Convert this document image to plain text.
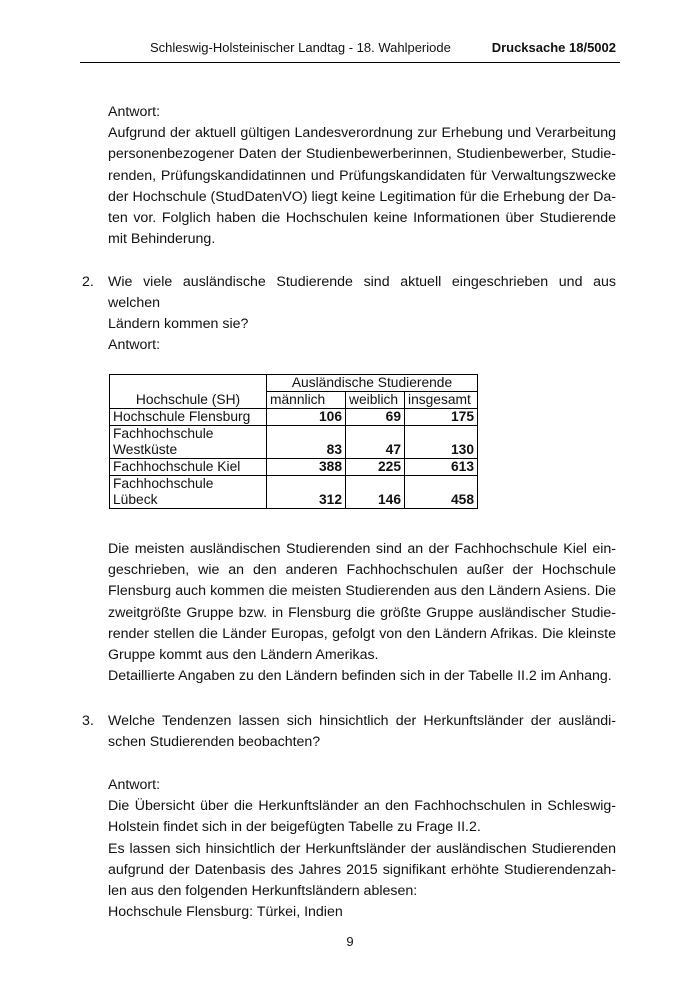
Schleswig-Holsteinischer Landtag - 18. Wahlperiode	Drucksache 18/5002
Antwort:
Aufgrund der aktuell gültigen Landesverordnung zur Erhebung und Verarbeitung
personenbezogener Daten der Studienbewerberinnen, Studienbewerber, Studie-
renden, Prüfungskandidatinnen und Prüfungskandidaten für Verwaltungszwecke
der Hochschule (StudDatenVO) liegt keine Legitimation für die Erhebung der Da-
ten vor. Folglich haben die Hochschulen keine Informationen über Studierende
mit Behinderung.
2. Wie viele ausländische Studierende sind aktuell eingeschrieben und aus welchen
Ländern kommen sie?
Antwort:
	Ausländische Studierende		
Hochschule (SH)	männlich	weiblich	insgesamt
Hochschule Flensburg	106	69	175
Fachhochschule
Westküste	83	47	130
Fachhochschule Kiel	388	225	613
Fachhochschule
Lübeck	312	146	458
Die meisten ausländischen Studierenden sind an der Fachhochschule Kiel ein-
geschrieben, wie an den anderen Fachhochschulen außer der Hochschule
Flensburg auch kommen die meisten Studierenden aus den Ländern Asiens. Die
zweitgrößte Gruppe bzw. in Flensburg die größte Gruppe ausländischer Studie-
render stellen die Länder Europas, gefolgt von den Ländern Afrikas. Die kleinste
Gruppe kommt aus den Ländern Amerikas.
Detaillierte Angaben zu den Ländern befinden sich in der Tabelle II.2 im Anhang.
3. Welche Tendenzen lassen sich hinsichtlich der Herkunftsländer der ausländi-
schen Studierenden beobachten?
Antwort:
Die Übersicht über die Herkunftsländer an den Fachhochschulen in Schleswig-
Holstein findet sich in der beigefügten Tabelle zu Frage II.2.
Es lassen sich hinsichtlich der Herkunftsländer der ausländischen Studierenden
aufgrund der Datenbasis des Jahres 2015 signifikant erhöhte Studierendenzah-
len aus den folgenden Herkunftsländern ablesen:
Hochschule Flensburg: Türkei, Indien
9
